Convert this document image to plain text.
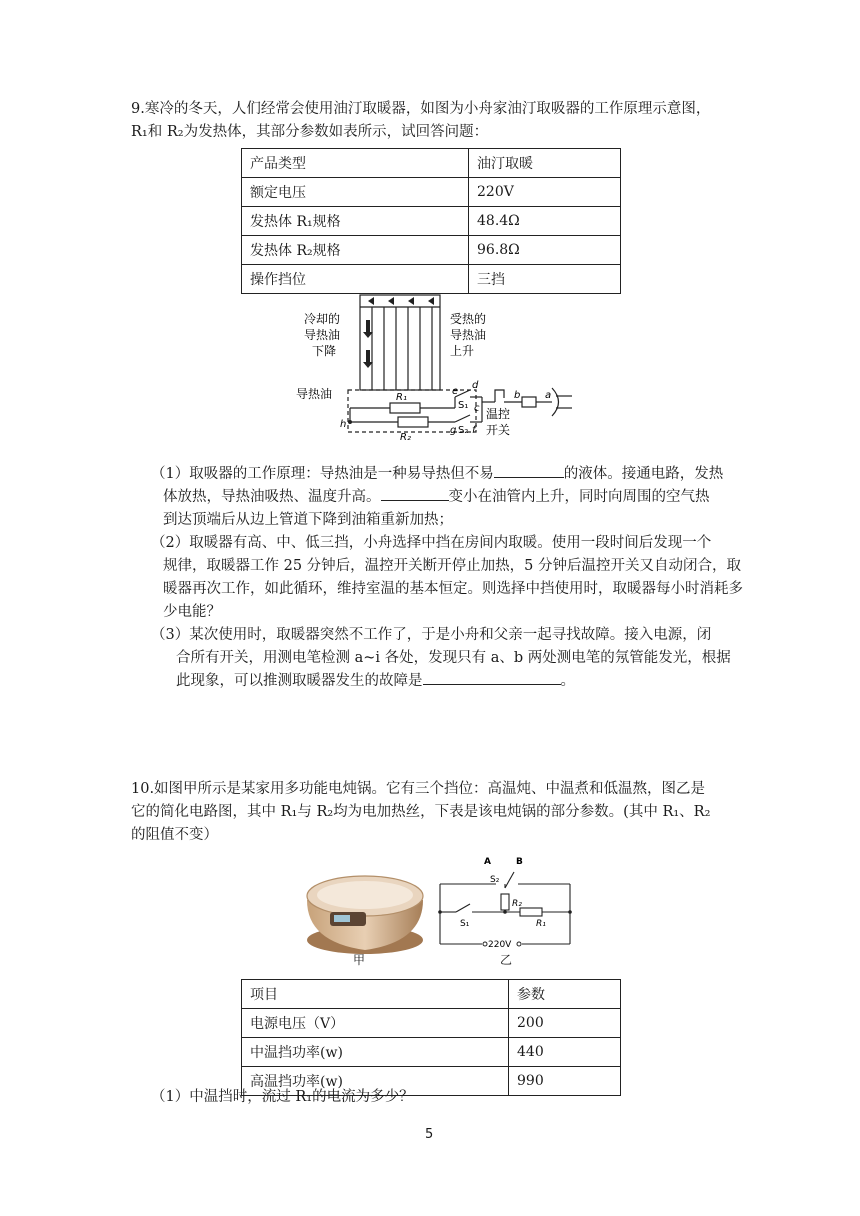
9.寒冷的冬天，人们经常会使用油汀取暖器，如图为小舟家油汀取吸器的工作原理示意图，
R₁和 R₂为发热体，其部分参数如表所示，试回答问题：
产品类型	油汀取暖
额定电压	220V
发热体 R₁规格	48.4Ω
发热体 R₂规格	96.8Ω
操作挡位	三挡
冷却的
导热油
下降
受热的
导热油
上升
导热油	R₁
R₂
S₁
S₂
温控
开关
a
b
c
d
e
f
g
h
（1）取吸器的工作原理：导热油是一种易导热但不易	的液体。接通电路，发热
体放热，导热油吸热、温度升高。	变小在油管内上升，同时向周围的空气热
到达顶端后从边上管道下降到油箱重新加热；
（2）取暖器有高、中、低三挡，小舟选择中挡在房间内取暖。使用一段时间后发现一个
规律，取暖器工作 25 分钟后，温控开关断开停止加热，5 分钟后温控开关又自动闭合，取
暖器再次工作，如此循环，维持室温的基本恒定。则选择中挡使用时，取暖器每小时消耗多
少电能？
（3）某次使用时，取暖器突然不工作了，于是小舟和父亲一起寻找故障。接入电源，闭
合所有开关，用测电笔检测 a~i 各处，发现只有 a、b 两处测电笔的氖管能发光，根据
此现象，可以推测取暖器发生的故障是	。
10.如图甲所示是某家用多功能电炖锅。它有三个挡位：高温炖、中温煮和低温熬，图乙是
它的简化电路图，其中 R₁与 R₂均为电加热丝，下表是该电炖锅的部分参数。(其中 R₁、R₂
的阻值不变）
甲
A	B
S₂
R₂
S₁	R₁
220V
乙
项目	参数
电源电压（V）	200
中温挡功率(w)	440
高温挡功率(w)	990
（1）中温挡时，流过 R₁的电流为多少？
5
